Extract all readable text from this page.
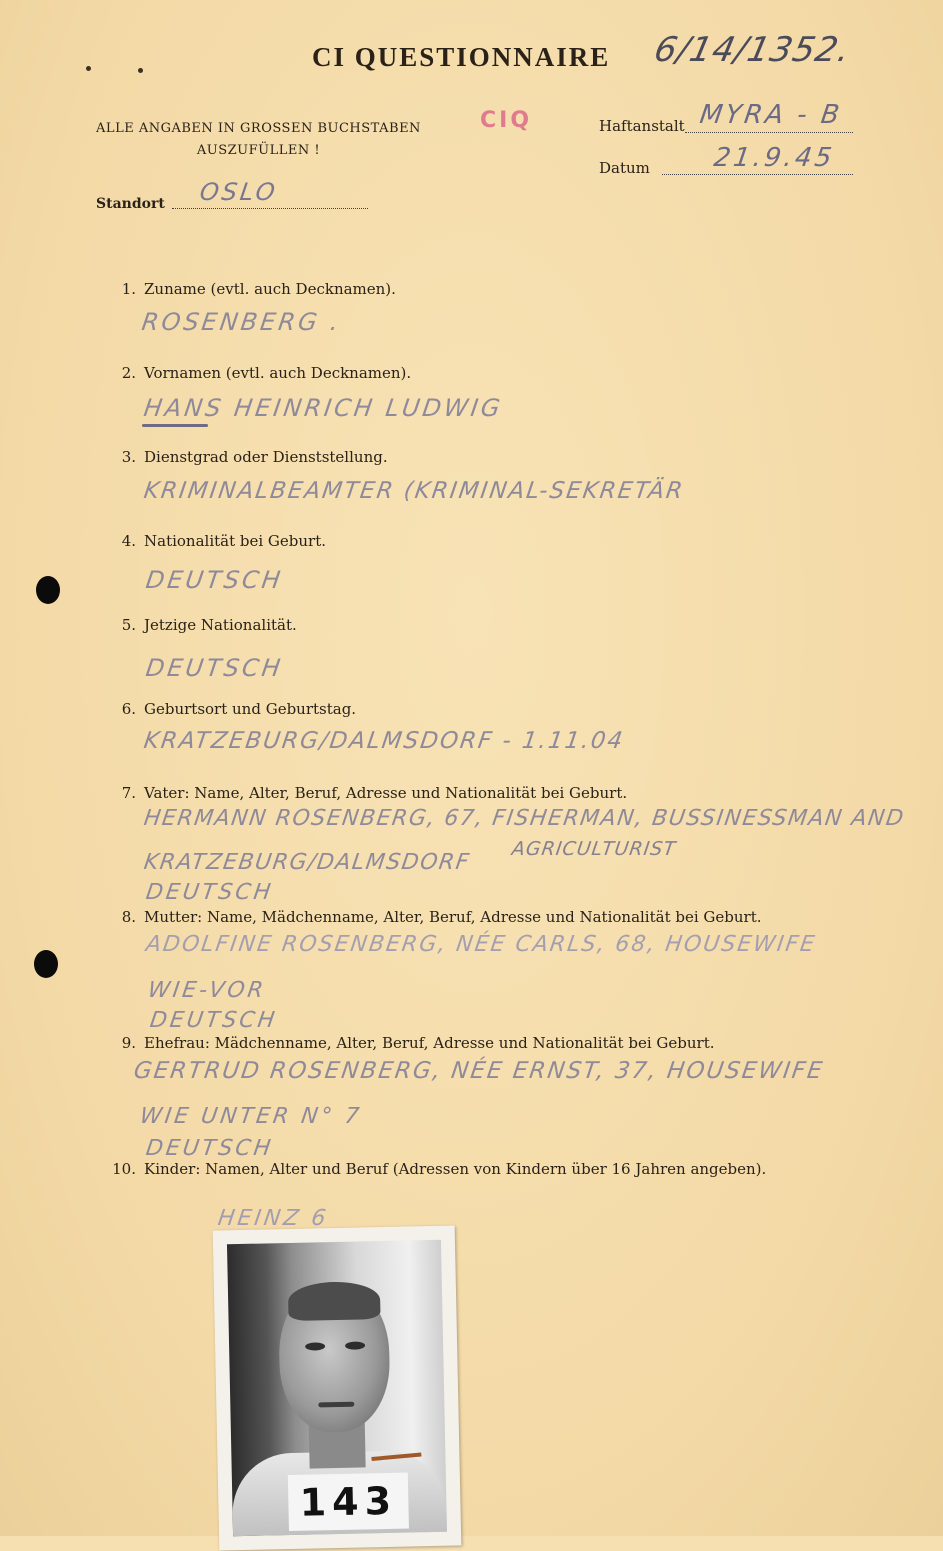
CI QUESTIONNAIRE 6/14/1352.
ALLE ANGABEN IN GROSSEN BUCHSTABEN
AUSZUFÜLLEN !
CIQ	Haftanstalt MYRA - B
Datum 21.9.45
Standort OSLO
1. Zuname (evtl. auch Decknamen).
ROSENBERG .
2. Vornamen (evtl. auch Decknamen).
HANS HEINRICH LUDWIG
3. Dienstgrad oder Dienststellung.
KRIMINALBEAMTER (KRIMINAL-SEKRETÄR
4. Nationalität bei Geburt.
DEUTSCH
5. Jetzige Nationalität.
DEUTSCH
6. Geburtsort und Geburtstag.
KRATZEBURG/DALMSDORF - 1.11.04
7. Vater: Name, Alter, Beruf, Adresse und Nationalität bei Geburt.
HERMANN ROSENBERG, 67, FISHERMAN, BUSSINESSMAN AND
AGRICULTURIST
KRATZEBURG/DALMSDORF
DEUTSCH
8. Mutter: Name, Mädchenname, Alter, Beruf, Adresse und Nationalität bei Geburt.
ADOLFINE ROSENBERG, NÉE CARLS, 68, HOUSEWIFE
WIE-VOR
DEUTSCH
9. Ehefrau: Mädchenname, Alter, Beruf, Adresse und Nationalität bei Geburt.
GERTRUD ROSENBERG, NÉE ERNST, 37, HOUSEWIFE
WIE UNTER N° 7
DEUTSCH
10. Kinder: Namen, Alter und Beruf (Adressen von Kindern über 16 Jahren angeben).
HEINZ 6
143
